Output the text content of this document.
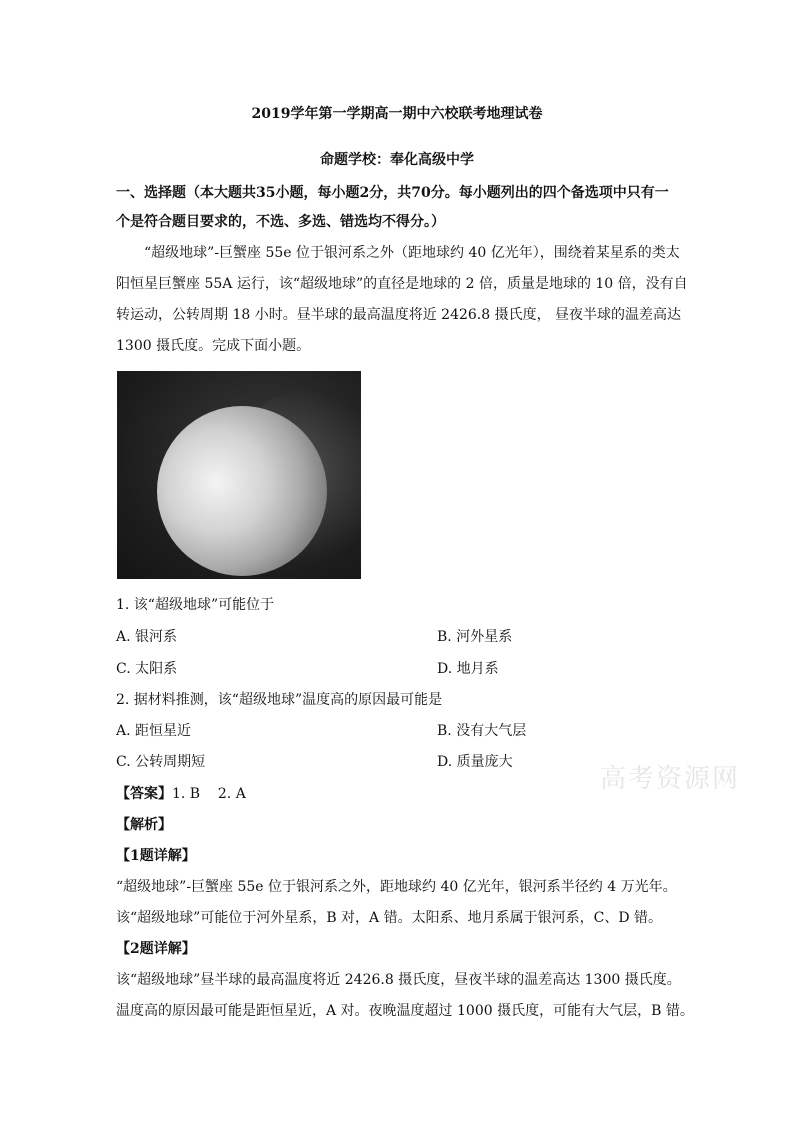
2019学年第一学期高一期中六校联考地理试卷
命题学校：奉化高级中学
一、选择题（本大题共35小题，每小题2分，共70分。每小题列出的四个备选项中只有一
个是符合题目要求的，不选、多选、错选均不得分。）
“超级地球”-巨蟹座 55e 位于银河系之外（距地球约 40 亿光年），围绕着某星系的类太
阳恒星巨蟹座 55A 运行，该“超级地球”的直径是地球的 2 倍，质量是地球的 10 倍，没有自
转运动，公转周期 18 小时。昼半球的最高温度将近 2426.8 摄氏度， 昼夜半球的温差高达
1300 摄氏度。完成下面小题。
1. 该“超级地球”可能位于
A. 银河系	B. 河外星系
C. 太阳系	D. 地月系
2. 据材料推测，该“超级地球”温度高的原因最可能是
A. 距恒星近	B. 没有大气层
C. 公转周期短	D. 质量庞大
高考资源网
【答案】1. B    2. A
【解析】
【1题详解】
“超级地球”-巨蟹座 55e 位于银河系之外，距地球约 40 亿光年，银河系半径约 4 万光年。
该“超级地球”可能位于河外星系，B 对，A 错。太阳系、地月系属于银河系，C、D 错。
【2题详解】
该“超级地球”昼半球的最高温度将近 2426.8 摄氏度，昼夜半球的温差高达 1300 摄氏度。
温度高的原因最可能是距恒星近，A 对。夜晚温度超过 1000 摄氏度，可能有大气层，B 错。
